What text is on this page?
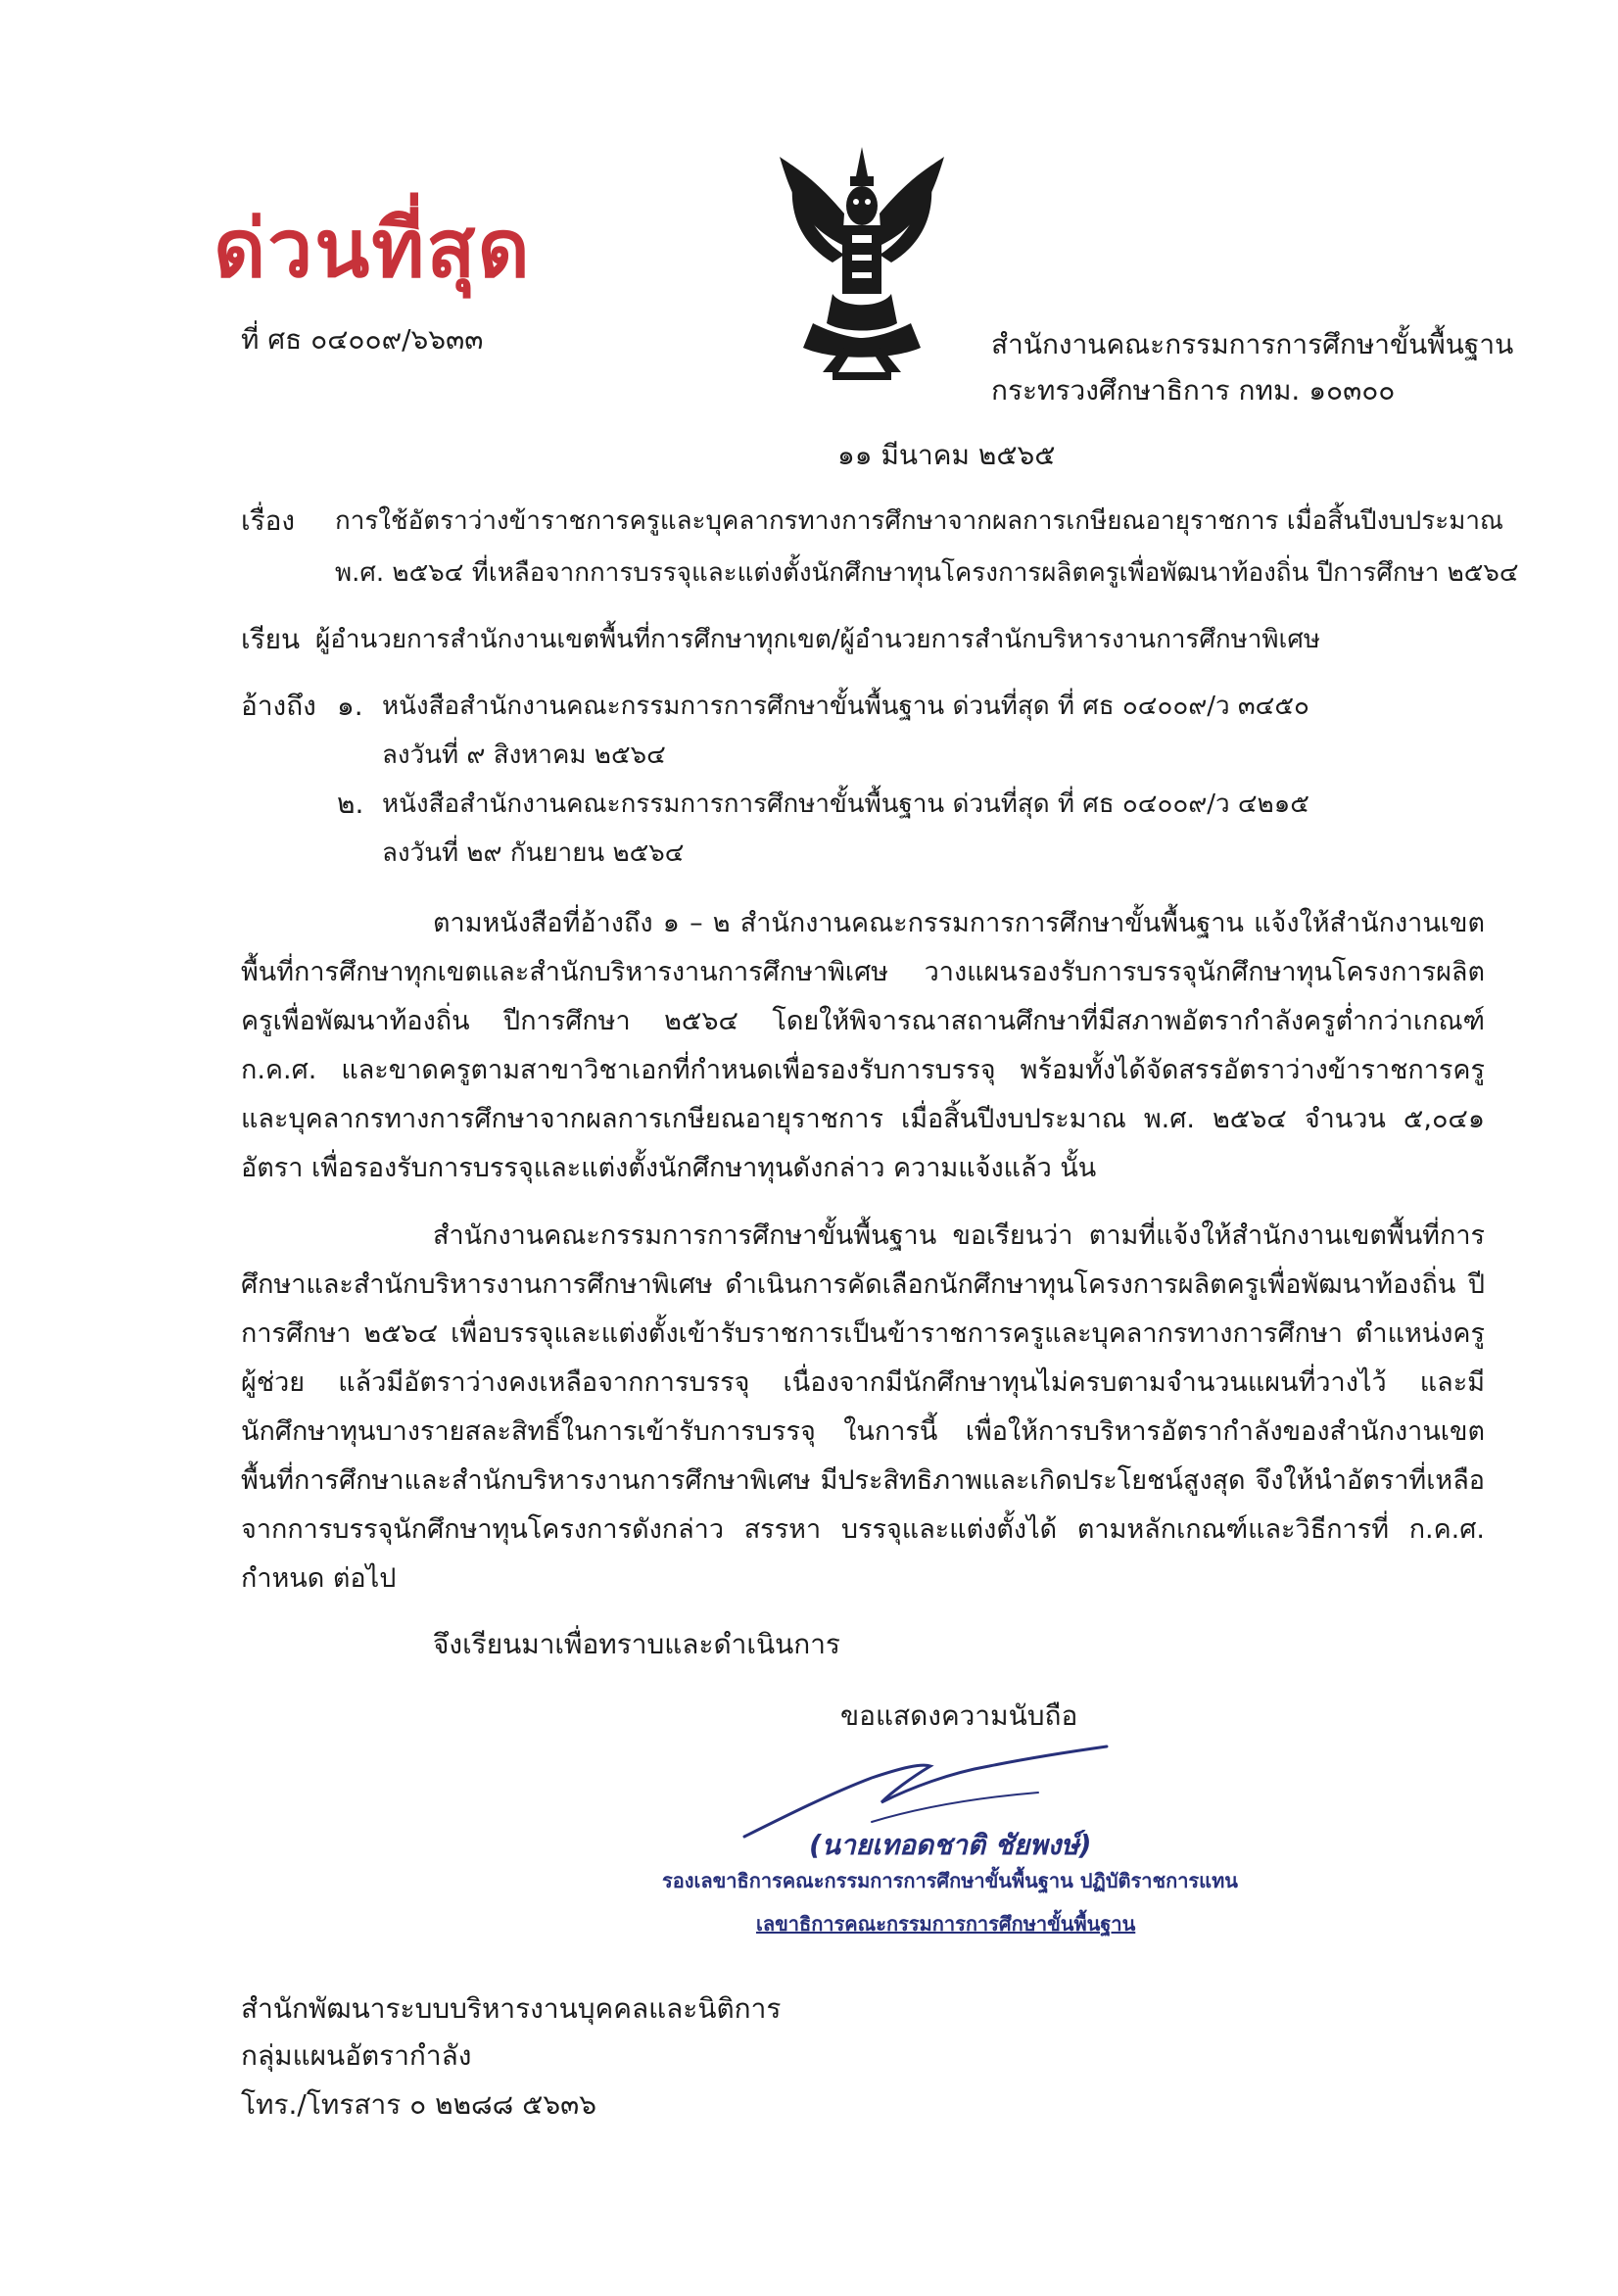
ด่วนที่สุด
ที่ ศธ ๐๔๐๐๙/๖๖๓๓	สำนักงานคณะกรรมการการศึกษาขั้นพื้นฐาน
กระทรวงศึกษาธิการ กทม. ๑๐๓๐๐
๑๑ มีนาคม ๒๕๖๕
เรื่อง การใช้อัตราว่างข้าราชการครูและบุคลากรทางการศึกษาจากผลการเกษียณอายุราชการ เมื่อสิ้นปีงบประมาณ
พ.ศ. ๒๕๖๔ ที่เหลือจากการบรรจุและแต่งตั้งนักศึกษาทุนโครงการผลิตครูเพื่อพัฒนาท้องถิ่น ปีการศึกษา ๒๕๖๔
เรียน ผู้อำนวยการสำนักงานเขตพื้นที่การศึกษาทุกเขต/ผู้อำนวยการสำนักบริหารงานการศึกษาพิเศษ
อ้างถึง ๑. หนังสือสำนักงานคณะกรรมการการศึกษาขั้นพื้นฐาน ด่วนที่สุด ที่ ศธ ๐๔๐๐๙/ว ๓๔๕๐
ลงวันที่ ๙ สิงหาคม ๒๕๖๔
๒. หนังสือสำนักงานคณะกรรมการการศึกษาขั้นพื้นฐาน ด่วนที่สุด ที่ ศธ ๐๔๐๐๙/ว ๔๒๑๕
ลงวันที่ ๒๙ กันยายน ๒๕๖๔
ตามหนังสือที่อ้างถึง ๑ – ๒ สำนักงานคณะกรรมการการศึกษาขั้นพื้นฐาน แจ้งให้สำนักงานเขตพื้นที่การศึกษาทุกเขตและสำนักบริหารงานการศึกษาพิเศษ วางแผนรองรับการบรรจุนักศึกษาทุนโครงการผลิตครูเพื่อพัฒนาท้องถิ่น ปีการศึกษา ๒๕๖๔ โดยให้พิจารณาสถานศึกษาที่มีสภาพอัตรากำลังครูต่ำกว่าเกณฑ์ ก.ค.ศ. และขาดครูตามสาขาวิชาเอกที่กำหนดเพื่อรองรับการบรรจุ พร้อมทั้งได้จัดสรรอัตราว่างข้าราชการครูและบุคลากรทางการศึกษาจากผลการเกษียณอายุราชการ เมื่อสิ้นปีงบประมาณ พ.ศ. ๒๕๖๔ จำนวน ๕,๐๔๑ อัตรา เพื่อรองรับการบรรจุและแต่งตั้งนักศึกษาทุนดังกล่าว ความแจ้งแล้ว นั้น
สำนักงานคณะกรรมการการศึกษาขั้นพื้นฐาน ขอเรียนว่า ตามที่แจ้งให้สำนักงานเขตพื้นที่การศึกษาและสำนักบริหารงานการศึกษาพิเศษ ดำเนินการคัดเลือกนักศึกษาทุนโครงการผลิตครูเพื่อพัฒนาท้องถิ่น ปีการศึกษา ๒๕๖๔ เพื่อบรรจุและแต่งตั้งเข้ารับราชการเป็นข้าราชการครูและบุคลากรทางการศึกษา ตำแหน่งครูผู้ช่วย แล้วมีอัตราว่างคงเหลือจากการบรรจุ เนื่องจากมีนักศึกษาทุนไม่ครบตามจำนวนแผนที่วางไว้ และมีนักศึกษาทุนบางรายสละสิทธิ์ในการเข้ารับการบรรจุ ในการนี้ เพื่อให้การบริหารอัตรากำลังของสำนักงานเขตพื้นที่การศึกษาและสำนักบริหารงานการศึกษาพิเศษ มีประสิทธิภาพและเกิดประโยชน์สูงสุด จึงให้นำอัตราที่เหลือจากการบรรจุนักศึกษาทุนโครงการดังกล่าว สรรหา บรรจุและแต่งตั้งได้ ตามหลักเกณฑ์และวิธีการที่ ก.ค.ศ. กำหนด ต่อไป
จึงเรียนมาเพื่อทราบและดำเนินการ
ขอแสดงความนับถือ
(นายเทอดชาติ ชัยพงษ์)
รองเลขาธิการคณะกรรมการการศึกษาขั้นพื้นฐาน ปฏิบัติราชการแทน
เลขาธิการคณะกรรมการการศึกษาขั้นพื้นฐาน
สำนักพัฒนาระบบบริหารงานบุคคลและนิติการ
กลุ่มแผนอัตรากำลัง
โทร./โทรสาร ๐ ๒๒๘๘ ๕๖๓๖
